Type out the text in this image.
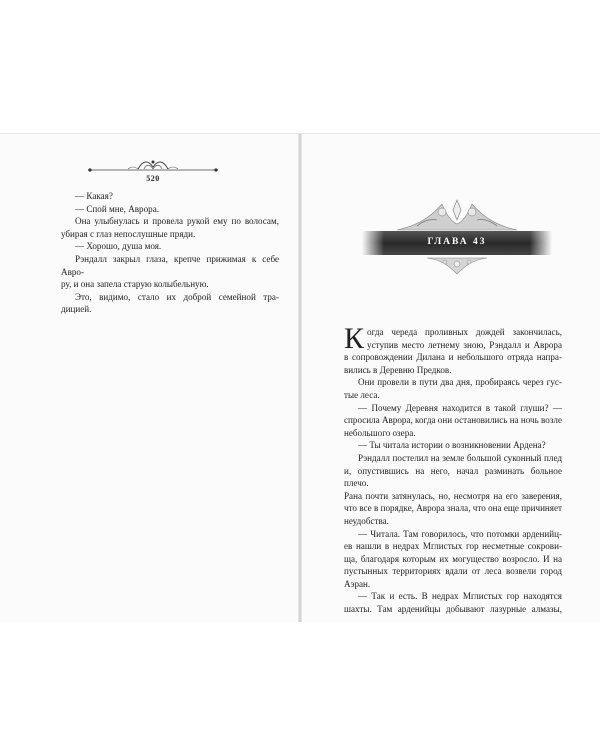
520

— Какая?

— Спой мне, Аврора.

Она улыбнулась и провела рукой ему по волосам,

убирая с глаз непослушные пряди.

— Хорошо, душа моя.

Рэндалл закрыл глаза, крепче прижимая к себе Авро-

ру, и она запела старую колыбельную.

Это, видимо, стало их доброй семейной тра-

дицией.

ГЛАВА 43

Когда череда проливных дождей закончилась,

уступив место летнему зною, Рэндалл и Аврора

в сопровождении Дилана и небольшого отряда напра-

вились в Деревню Предков.

Они провели в пути два дня, пробираясь через гус-

тые леса.

— Почему Деревня находится в такой глуши? —

спросила Аврора, когда они остановились на ночь возле

небольшого озера.

— Ты читала истории о возникновении Ардена?

Рэндалл постелил на земле большой суконный плед

и, опустившись на него, начал разминать больное плечо.

Рана почти затянулась, но, несмотря на его заверения,

что все в порядке, Аврора знала, что она еще причиняет

неудобства.

— Читала. Там говорилось, что потомки арденийц-

ев нашли в недрах Мглистых гор несметные сокрови-

ща, благодаря которым их могущество возросло. И на

пустынных территориях вдали от леса возвели город

Аэран.

— Так и есть. В недрах Мглистых гор находятся

шахты. Там арденийцы добывают лазурные алмазы,
